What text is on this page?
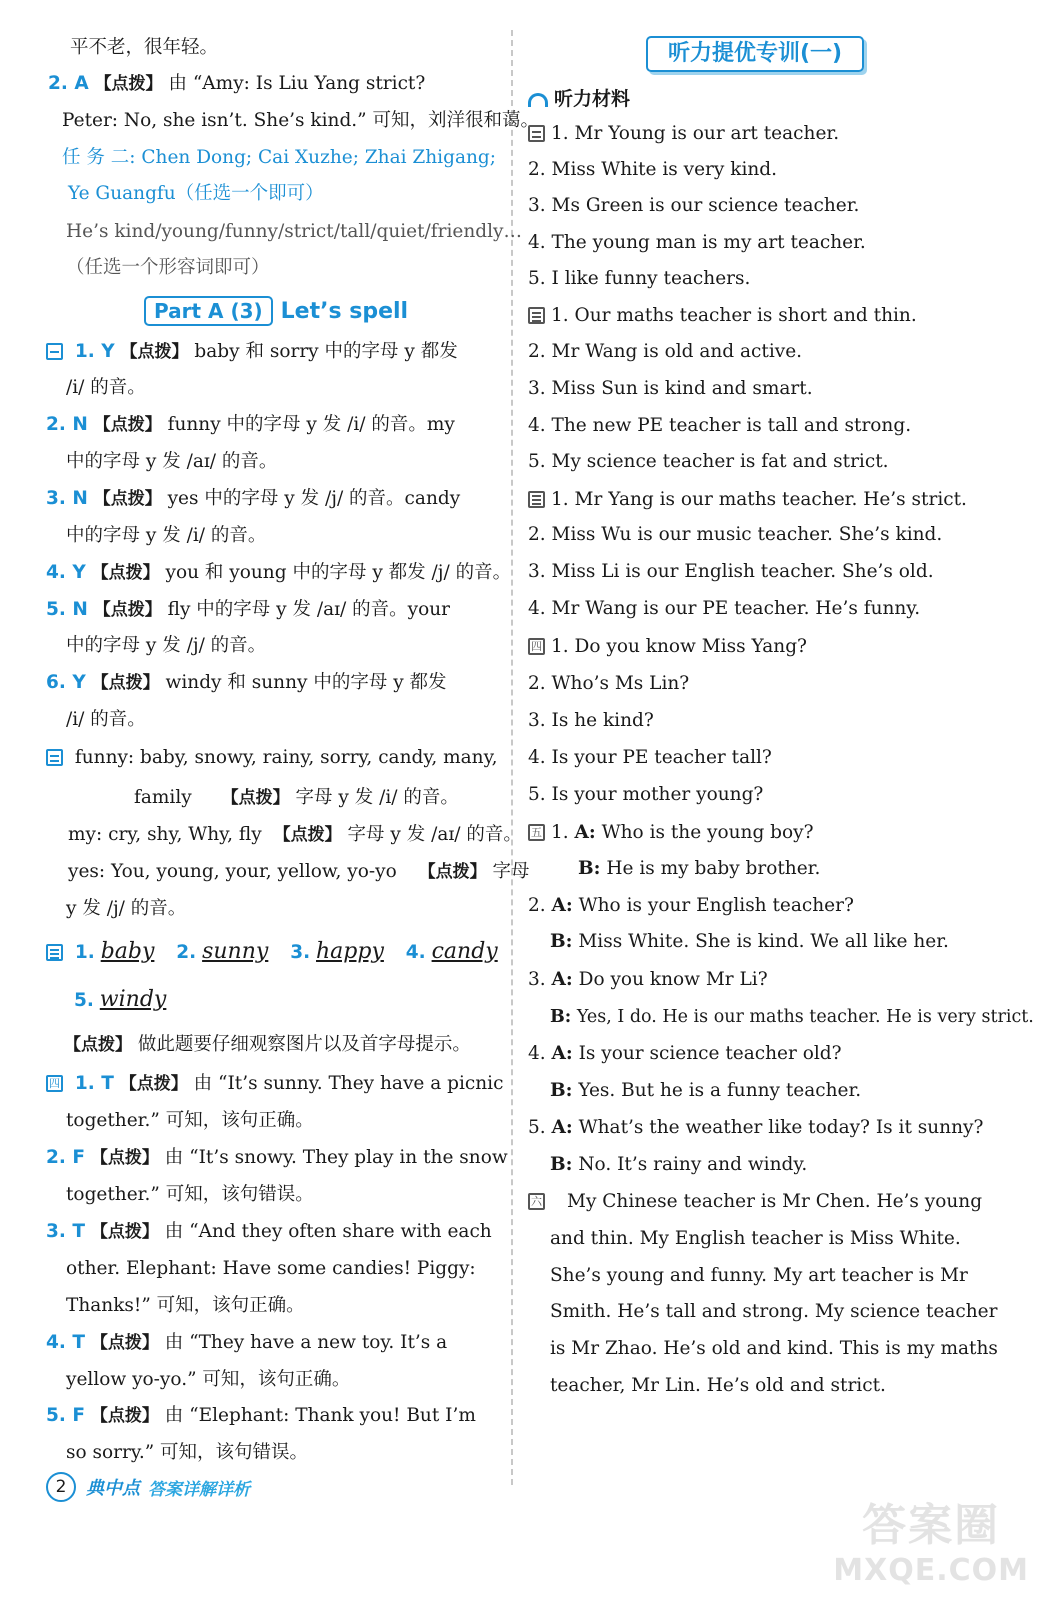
平不老，很年轻。
2. A 【点拨】 由 “Amy: Is Liu Yang strict?
Peter: No, she isn’t. She’s kind.” 可知，刘洋很和蔼。
任 务 二: Chen Dong; Cai Xuzhe; Zhai Zhigang;
Ye Guangfu（任选一个即可）
He’s kind/young/funny/strict/tall/quiet/friendly…
（任选一个形容词即可）
Part A (3) Let’s spell
1. Y 【点拨】 baby 和 sorry 中的字母 y 都发
/i/ 的音。
2. N 【点拨】 funny 中的字母 y 发 /i/ 的音。my
中的字母 y 发 /aɪ/ 的音。
3. N 【点拨】 yes 中的字母 y 发 /j/ 的音。candy
中的字母 y 发 /i/ 的音。
4. Y 【点拨】 you 和 young 中的字母 y 都发 /j/ 的音。
5. N 【点拨】 fly 中的字母 y 发 /aɪ/ 的音。your
中的字母 y 发 /j/ 的音。
6. Y 【点拨】 windy 和 sunny 中的字母 y 都发
/i/ 的音。
funny: baby, snowy, rainy, sorry, candy, many,
family 【点拨】 字母 y 发 /i/ 的音。
my: cry, shy, Why, fly 【点拨】 字母 y 发 /aɪ/ 的音。
yes: You, young, your, yellow, yo-yo 【点拨】 字母
y 发 /j/ 的音。
1. baby 2. sunny 3. happy 4. candy
5. windy
【点拨】 做此题要仔细观察图片以及首字母提示。
四 1. T 【点拨】 由 “It’s sunny. They have a picnic
together.” 可知，该句正确。
2. F 【点拨】 由 “It’s snowy. They play in the snow
together.” 可知，该句错误。
3. T 【点拨】 由 “And they often share with each
other. Elephant: Have some candies! Piggy:
Thanks!” 可知，该句正确。
4. T 【点拨】 由 “They have a new toy. It’s a
yellow yo-yo.” 可知，该句正确。
5. F 【点拨】 由 “Elephant: Thank you! But I’m
so sorry.” 可知，该句错误。
听力提优专训(一)
听力材料
1. Mr Young is our art teacher.
2. Miss White is very kind.
3. Ms Green is our science teacher.
4. The young man is my art teacher.
5. I like funny teachers.
1. Our maths teacher is short and thin.
2. Mr Wang is old and active.
3. Miss Sun is kind and smart.
4. The new PE teacher is tall and strong.
5. My science teacher is fat and strict.
1. Mr Yang is our maths teacher. He’s strict.
2. Miss Wu is our music teacher. She’s kind.
3. Miss Li is our English teacher. She’s old.
4. Mr Wang is our PE teacher. He’s funny.
四 1. Do you know Miss Yang?
2. Who’s Ms Lin?
3. Is he kind?
4. Is your PE teacher tall?
5. Is your mother young?
五 1. A: Who is the young boy?
B: He is my baby brother.
2. A: Who is your English teacher?
B: Miss White. She is kind. We all like her.
3. A: Do you know Mr Li?
B: Yes, I do. He is our maths teacher. He is very strict.
4. A: Is your science teacher old?
B: Yes. But he is a funny teacher.
5. A: What’s the weather like today? Is it sunny?
B: No. It’s rainy and windy.
六 My Chinese teacher is Mr Chen. He’s young
and thin. My English teacher is Miss White.
She’s young and funny. My art teacher is Mr
Smith. He’s tall and strong. My science teacher
is Mr Zhao. He’s old and kind. This is my maths
teacher, Mr Lin. He’s old and strict.
2	典中点 答案详解详析
答案圈
MXQE.COM
